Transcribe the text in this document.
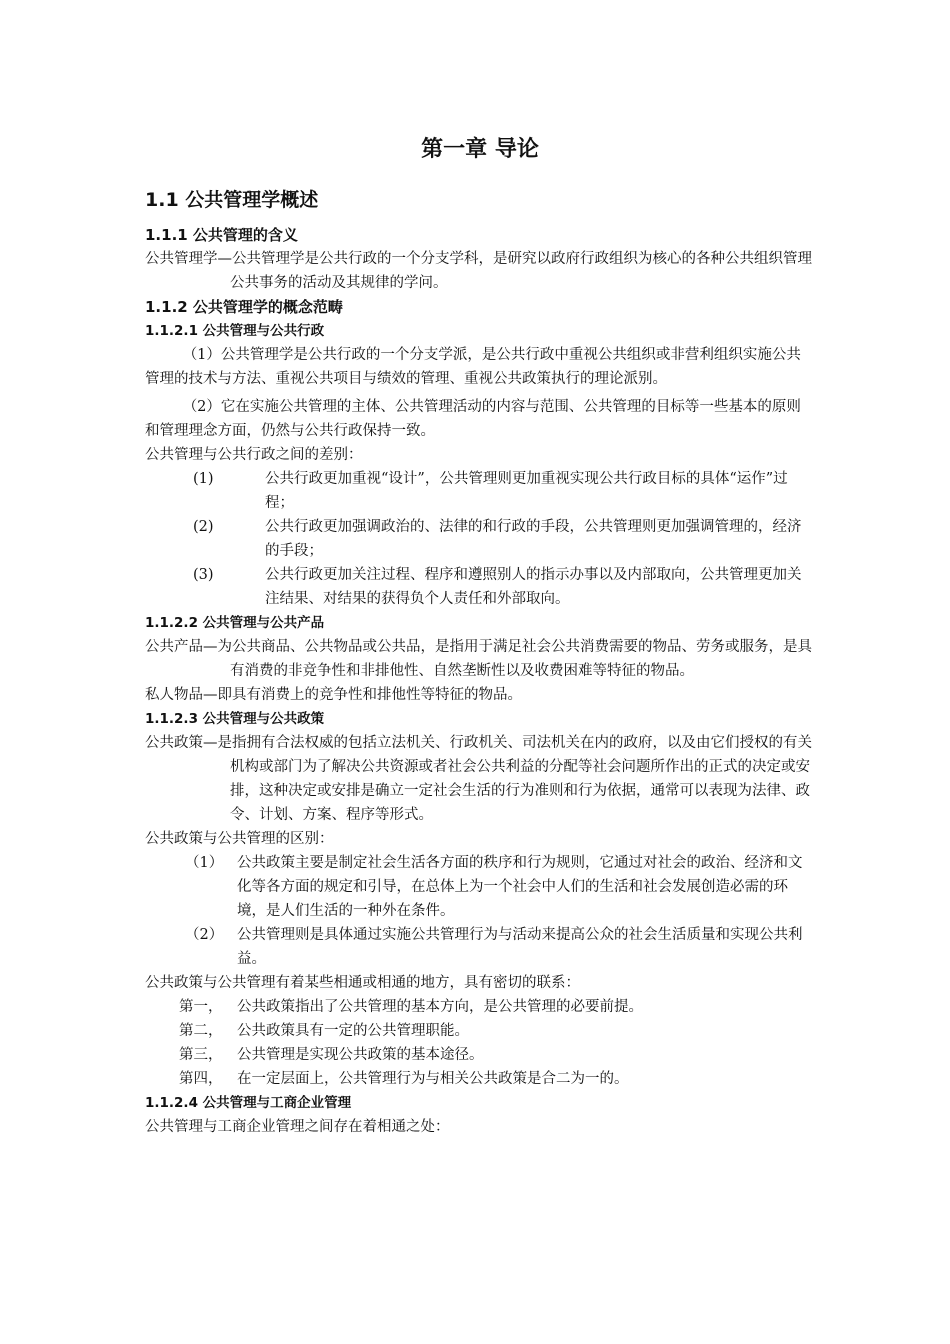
第一章 导论
1.1 公共管理学概述
1.1.1 公共管理的含义

公共管理学—公共管理学是公共行政的一个分支学科，是研究以政府行政组织为核心的各种公共组织管理公共事务的活动及其规律的学问。

1.1.2 公共管理学的概念范畴
1.1.2.1 公共管理与公共行政

（1）公共管理学是公共行政的一个分支学派，是公共行政中重视公共组织或非营利组织实施公共管理的技术与方法、重视公共项目与绩效的管理、重视公共政策执行的理论派别。

（2）它在实施公共管理的主体、公共管理活动的内容与范围、公共管理的目标等一些基本的原则和管理理念方面，仍然与公共行政保持一致。

公共管理与公共行政之间的差别：

(1)	公共行政更加重视“设计”，公共管理则更加重视实现公共行政目标的具体“运作”过程；
(2)	公共行政更加强调政治的、法律的和行政的手段，公共管理则更加强调管理的，经济的手段；
(3)	公共行政更加关注过程、程序和遵照别人的指示办事以及内部取向，公共管理更加关注结果、对结果的获得负个人责任和外部取向。
1.1.2.2 公共管理与公共产品

公共产品—为公共商品、公共物品或公共品，是指用于满足社会公共消费需要的物品、劳务或服务，是具有消费的非竞争性和非排他性、自然垄断性以及收费困难等特征的物品。

私人物品—即具有消费上的竞争性和排他性等特征的物品。

1.1.2.3 公共管理与公共政策

公共政策—是指拥有合法权威的包括立法机关、行政机关、司法机关在内的政府，以及由它们授权的有关机构或部门为了解决公共资源或者社会公共利益的分配等社会问题所作出的正式的决定或安排，这种决定或安排是确立一定社会生活的行为准则和行为依据，通常可以表现为法律、政令、计划、方案、程序等形式。

公共政策与公共管理的区别：

（1） 公共政策主要是制定社会生活各方面的秩序和行为规则，它通过对社会的政治、经济和文化等各方面的规定和引导，在总体上为一个社会中人们的生活和社会发展创造必需的环境，是人们生活的一种外在条件。
（2） 公共管理则是具体通过实施公共管理行为与活动来提高公众的社会生活质量和实现公共利益。

公共政策与公共管理有着某些相通或相通的地方，具有密切的联系：

第一，	公共政策指出了公共管理的基本方向，是公共管理的必要前提。
第二，	公共政策具有一定的公共管理职能。
第三，	公共管理是实现公共政策的基本途径。
第四，	在一定层面上，公共管理行为与相关公共政策是合二为一的。
1.1.2.4 公共管理与工商企业管理

公共管理与工商企业管理之间存在着相通之处：
